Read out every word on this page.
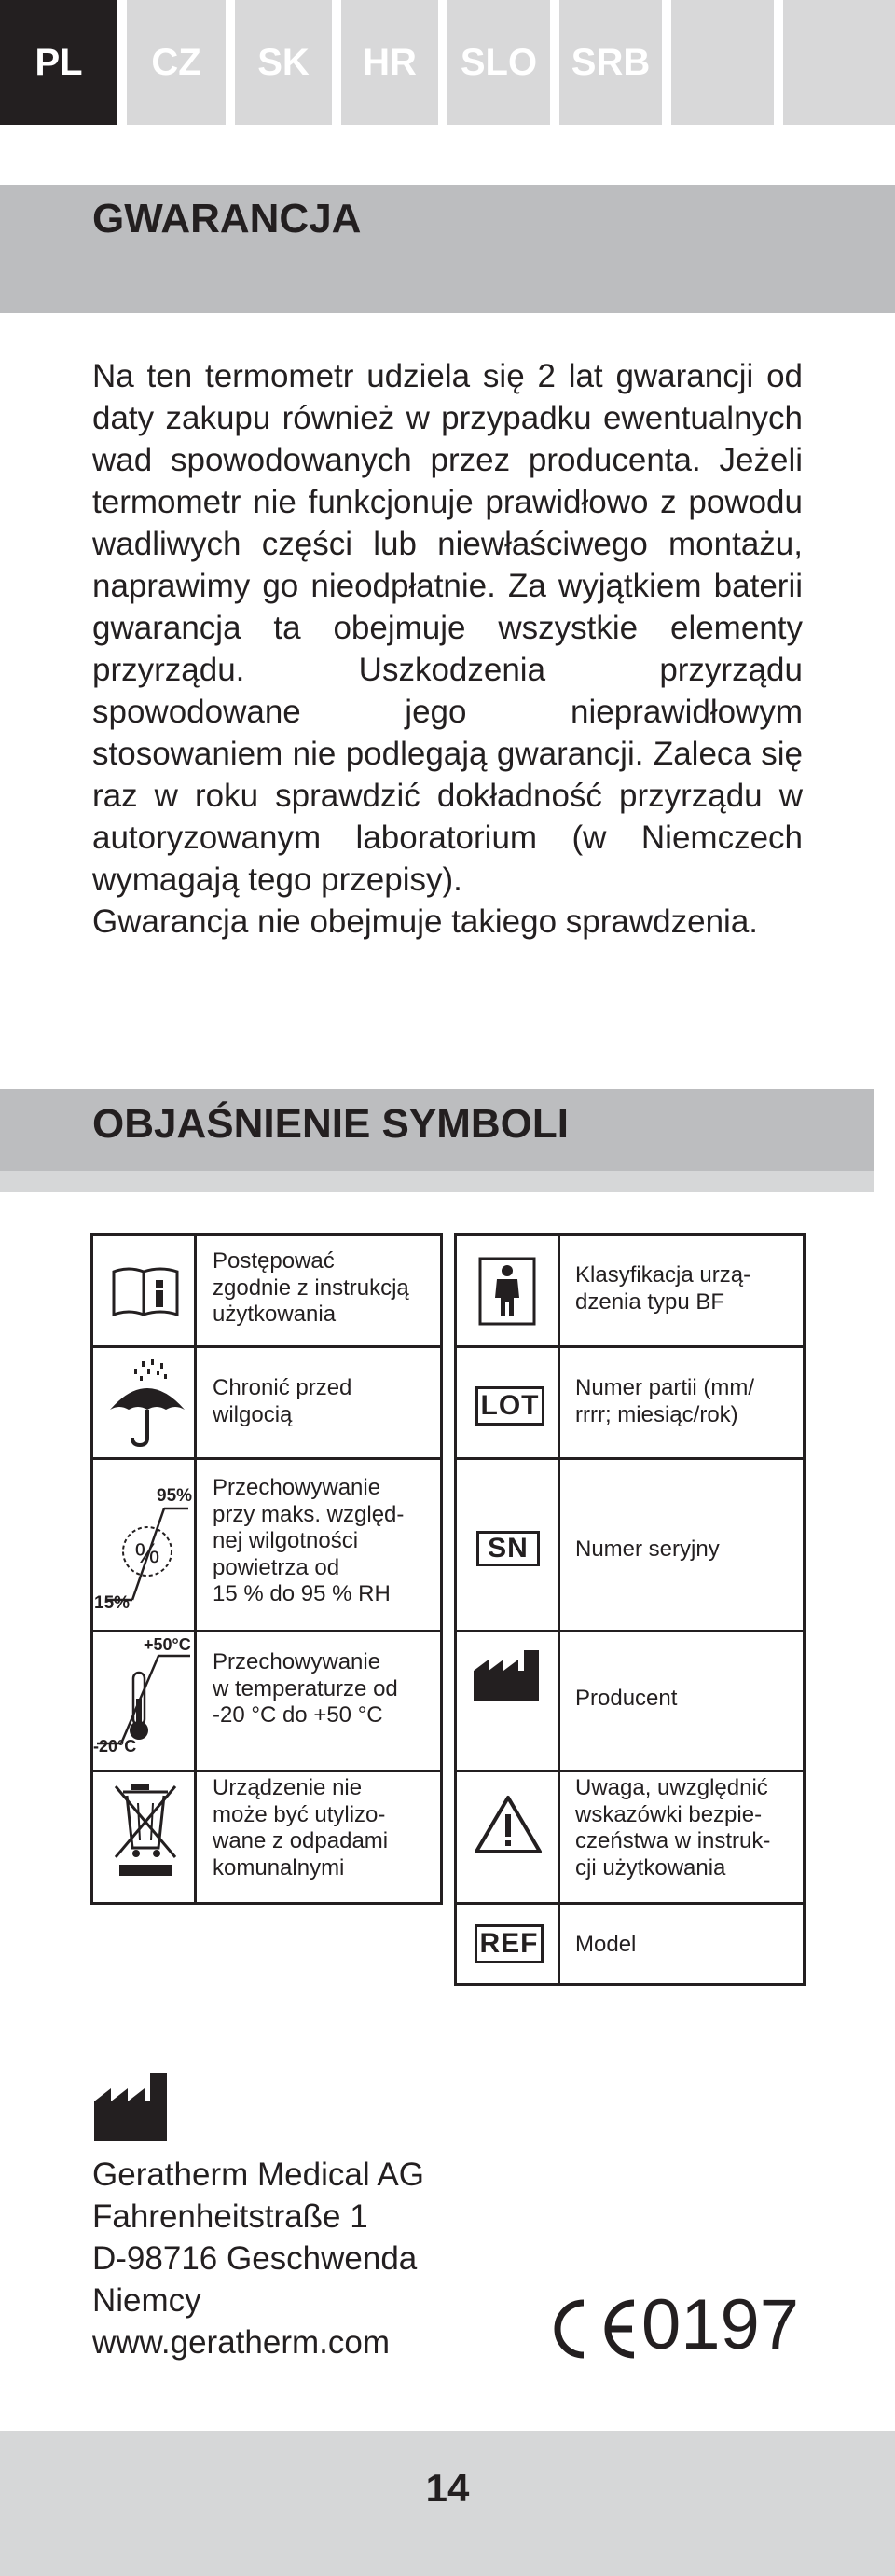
PL CZ SK HR SLO SRB
GWARANCJA

Na ten termometr udziela się 2 lat gwarancji od daty zakupu również w przypadku ewentualnych wad spowodowanych przez producenta. Jeżeli termometr nie funkcjonuje prawidłowo z powodu wadliwych części lub niewłaściwego montażu, naprawimy go nieodpłatnie. Za wyjątkiem baterii gwarancja ta obejmuje wszystkie elementy przyrządu. Uszkodzenia przyrządu spowodowane jego nieprawidłowym stosowaniem nie podlegają gwarancji. Zaleca się raz w roku sprawdzić dokładność przyrządu w autoryzowanym laboratorium (w Niemczech wymagają tego przepisy).

Gwarancja nie obejmuje takiego sprawdzenia.

OBJAŚNIENIE SYMBOLI
95%
%
15%
+50°C
-20°C
Postępować
zgodnie z instrukcją
użytkowania
Chronić przed
wilgocią
Przechowywanie
przy maks. względ-
nej wilgotności
powietrza od
15 % do 95 % RH
Przechowywanie
w temperaturze od
-20 °C do +50 °C
Urządzenie nie
może być utylizo-
wane z odpadami
komunalnymi
LOT
SN
REF
Klasyfikacja urzą-
dzenia typu BF
Numer partii (mm/
rrrr; miesiąc/rok)
Numer seryjny
Producent
Uwaga, uwzględnić
wskazówki bezpie-
czeństwa w instruk-
cji użytkowania
Model
Geratherm Medical AG
Fahrenheitstraße 1
D-98716 Geschwenda
Niemcy
www.geratherm.com	0197
14
